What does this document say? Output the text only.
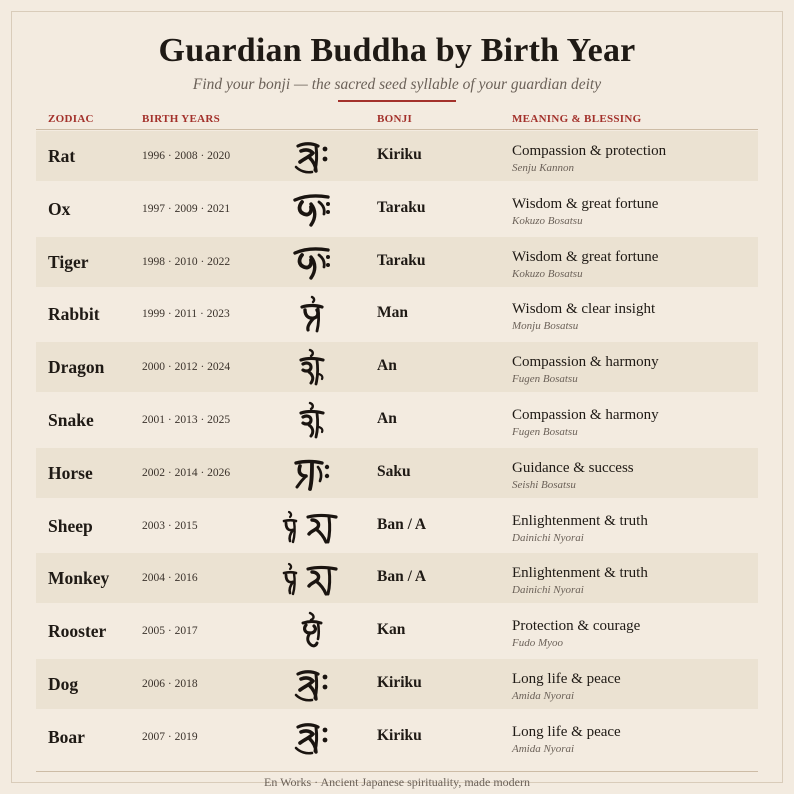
Guardian Buddha by Birth Year
Find your bonji — the sacred seed syllable of your guardian deity
ZODIAC	BIRTH YEARS	BONJI	MEANING & BLESSING
Rat	1996 · 2008 · 2020	Kiriku	Compassion & protection
Senju Kannon
Ox	1997 · 2009 · 2021	Taraku	Wisdom & great fortune
Kokuzo Bosatsu
Tiger	1998 · 2010 · 2022	Taraku	Wisdom & great fortune
Kokuzo Bosatsu
Rabbit	1999 · 2011 · 2023	Man	Wisdom & clear insight
Monju Bosatsu
Dragon	2000 · 2012 · 2024	An	Compassion & harmony
Fugen Bosatsu
Snake	2001 · 2013 · 2025	An	Compassion & harmony
Fugen Bosatsu
Horse	2002 · 2014 · 2026	Saku	Guidance & success
Seishi Bosatsu
Sheep	2003 · 2015	Ban / A	Enlightenment & truth
Dainichi Nyorai
Monkey	2004 · 2016	Ban / A	Enlightenment & truth
Dainichi Nyorai
Rooster	2005 · 2017	Kan	Protection & courage
Fudo Myoo
Dog	2006 · 2018	Kiriku	Long life & peace
Amida Nyorai
Boar	2007 · 2019	Kiriku	Long life & peace
Amida Nyorai
En Works · Ancient Japanese spirituality, made modern
